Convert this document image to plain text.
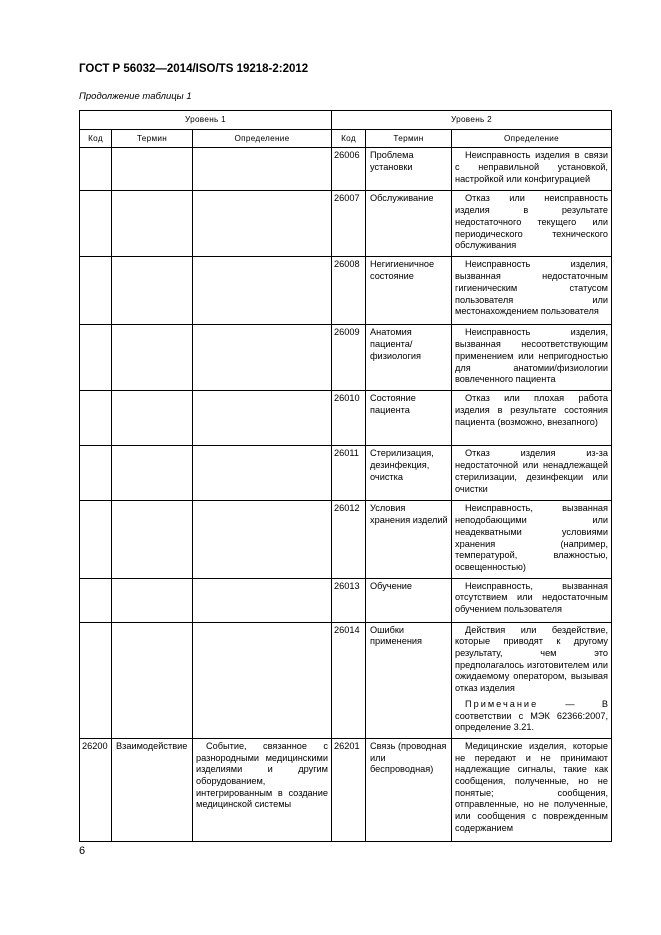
ГОСТ Р 56032—2014/ISO/TS 19218-2:2012
Продолжение таблицы 1
Уровень 1			Уровень 2		
Код	Термин	Определение	Код	Термин	Определение
			26006	Проблема установки	Неисправность изделия в связи с неправильной установкой, настройкой или конфигурацией

			26007	Обслуживание	Отказ или неисправность изделия в результате недостаточного текущего или периодического технического обслуживания

			26008	Негигиеничное состояние	Неисправность изделия, вызванная недостаточным гигиеническим статусом пользователя или местонахождением пользователя

			26009	Анатомия пациента/физиология	Неисправность изделия, вызванная несоответствующим применением или непригодностью для анатомии/физиологии вовлеченного пациента

			26010	Состояние пациента	Отказ или плохая работа изделия в результате состояния пациента (возможно, внезапного)

			26011	Стерилизация, дезинфекция, очистка	Отказ изделия из-за недостаточной или ненадлежащей стерилизации, дезинфекции или очистки

			26012	Условия хранения изделий	Неисправность, вызванная неподобающими или неадекватными условиями хранения (например, температурой, влажностью, освещенностью)

			26013	Обучение	Неисправность, вызванная отсутствием или недостаточным обучением пользователя

			26014	Ошибки применения	Действия или бездействие, которые приводят к другому результату, чем это предполагалось изготовителем или ожидаемому оператором, вызывая отказ изделия

Примечание — В соответствии с МЭК 62366:2007, определение 3.21.

26200	Взаимодействие	Событие, связанное с разнородными медицинскими изделиями и другим оборудованием, интегрированным в создание медицинской системы	26201	Связь (проводная или беспроводная)	Медицинские изделия, которые не передают и не принимают надлежащие сигналы, такие как сообщения, полученные, но не понятые; сообщения, отправленные, но не полученные, или сообщения с поврежденным содержанием

6
